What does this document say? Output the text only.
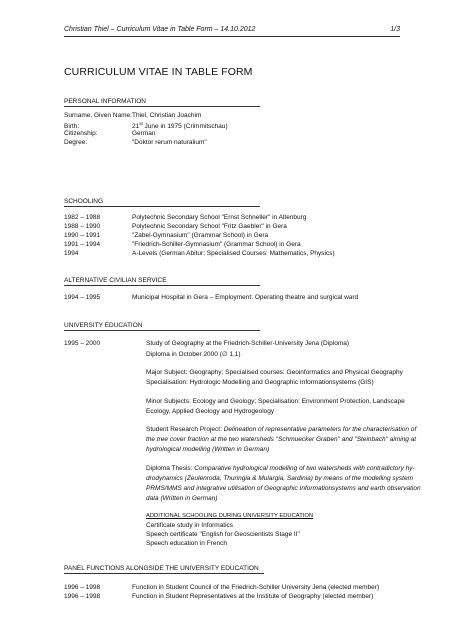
Christian Thiel – Curriculum Vitae in Table Form – 14.10.2012	1/3
CURRICULUM VITAE IN TABLE FORM
PERSONAL INFORMATION
Surname, Given Name:Thiel, Christian Joachim
Birth:	21st June in 1975 (Crimmitschau)
Citizenship:	German
Degree:	"Doktor rerum naturalium"
SCHOOLING
1982 – 1988	Polytechnic Secondary School "Ernst Schneller" in Altenburg
1988 – 1990	Polytechnic Secondary School "Fritz Gaebler" in Gera
1990 – 1991	"Zabel-Gymnasium" (Grammar School) in Gera
1991 – 1994	"Friedrich-Schiller-Gymnasium" (Grammar School) in Gera
1994	A-Levels (German Abitur; Specialised Courses: Mathematics, Physics)
ALTERNATIVE CIVILIAN SERVICE
1994 – 1995	Municipal Hospital in Gera – Employment: Operating theatre and surgical ward
UNIVERSITY EDUCATION
1995 – 2000	Study of Geography at the Friedrich-Schiller-University Jena (Diploma)
Diploma in October 2000 (∅ 1,1)
Major Subject: Geography; Specialised courses: Geoinformatics and Physical Geography
Specialisation: Hydrologic Modelling and Geographic Informationsystems (GIS)
Minor Subjects: Ecology and Geology; Specialisation: Environment Protection, Landscape
Ecology, Applied Geology and Hydrogeology
Student Research Project: Delineation of representative parameters for the characterisation of
the tree cover fraction at the two watersheds "Schmuecker Graben" and "Steinbach" aiming at
hydrological modelling (Written in German)
Diploma Thesis: Comparative hydrological modelling of two watersheds with contradictory hy-
drodynamics (Zeulenroda, Thuringia & Mulargia, Sardinia) by means of the modelling system
PRMS/MMS and integrative utilisation of Geographic Informationsystems and earth observation
data (Written in German)
ADDITIONAL SCHOOLING DURING UNIVERSITY EDUCATION
Certificate study in Informatics
Speech certificate "English for Geoscientists Stage II"
Speech education in French
PANEL FUNCTIONS ALONGSIDE THE UNIVERSITY EDUCATION
1996 – 1998	Function in Student Council of the Friedrich-Schiller University Jena (elected member)
1996 – 1998	Function in Student Representatives at the Institute of Geography (elected member)
